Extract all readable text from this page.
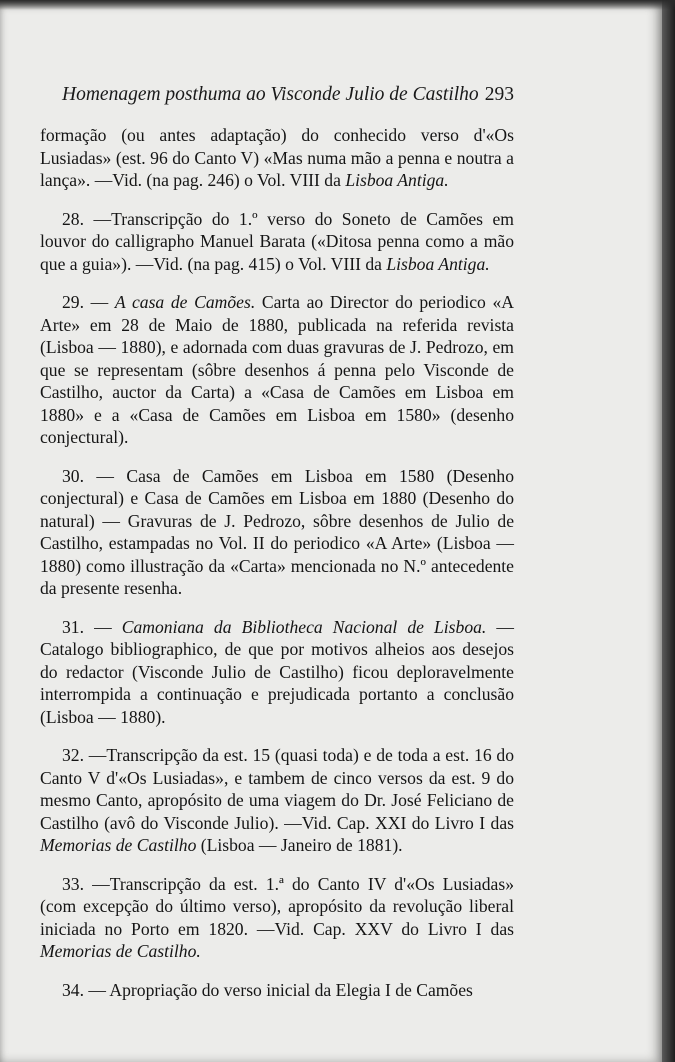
Homenagem posthuma ao Visconde Julio de Castilho 293

formação (ou antes adaptação) do conhecido verso d'«Os Lusiadas» (est. 96 do Canto V) «Mas numa mão a penna e noutra a lança». —Vid. (na pag. 246) o Vol. VIII da Lisboa Antiga.

28. —Transcripção do 1.º verso do Soneto de Camões em louvor do calligrapho Manuel Barata («Ditosa penna como a mão que a guia»). —Vid. (na pag. 415) o Vol. VIII da Lisboa Antiga.

29. — A casa de Camões. Carta ao Director do periodico «A Arte» em 28 de Maio de 1880, publicada na referida revista (Lisboa — 1880), e adornada com duas gravuras de J. Pedrozo, em que se representam (sôbre desenhos á penna pelo Visconde de Castilho, auctor da Carta) a «Casa de Camões em Lisboa em 1880» e a «Casa de Camões em Lisboa em 1580» (desenho conjectural).

30. — Casa de Camões em Lisboa em 1580 (Desenho conjectural) e Casa de Camões em Lisboa em 1880 (Desenho do natural) — Gravuras de J. Pedrozo, sôbre desenhos de Julio de Castilho, estampadas no Vol. II do periodico «A Arte» (Lisboa — 1880) como illustração da «Carta» mencionada no N.º antecedente da presente resenha.

31. — Camoniana da Bibliotheca Nacional de Lisboa. — Catalogo bibliographico, de que por motivos alheios aos desejos do redactor (Visconde Julio de Castilho) ficou deploravelmente interrompida a continuação e prejudicada portanto a conclusão (Lisboa — 1880).

32. —Transcripção da est. 15 (quasi toda) e de toda a est. 16 do Canto V d'«Os Lusiadas», e tambem de cinco versos da est. 9 do mesmo Canto, apropósito de uma viagem do Dr. José Feliciano de Castilho (avô do Visconde Julio). —Vid. Cap. XXI do Livro I das Memorias de Castilho (Lisboa — Janeiro de 1881).

33. —Transcripção da est. 1.ª do Canto IV d'«Os Lusiadas» (com excepção do último verso), apropósito da revolução liberal iniciada no Porto em 1820. —Vid. Cap. XXV do Livro I das Memorias de Castilho.

34. — Apropriação do verso inicial da Elegia I de Camões
